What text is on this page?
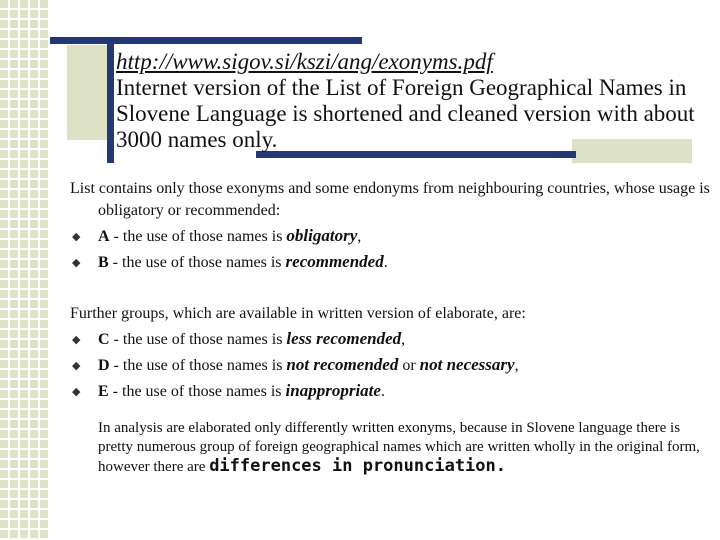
http://www.sigov.si/kszi/ang/exonyms.pdf
Internet version of the List of Foreign Geographical Names in Slovene Language is shortened and cleaned version with about 3000 names only.

List contains only those exonyms and some endonyms from neighbouring countries, whose usage is obligatory or recommended:

◆ A - the use of those names is obligatory,
◆ B - the use of those names is recommended.

Further groups, which are available in written version of elaborate, are:

◆ C - the use of those names is less recomended,
◆ D - the use of those names is not recomended or not necessary,
◆ E - the use of those names is inappropriate.

In analysis are elaborated only differently written exonyms, because in Slovene language there is pretty numerous group of foreign geographical names which are written wholly in the original form, however there are differences in pronunciation.
